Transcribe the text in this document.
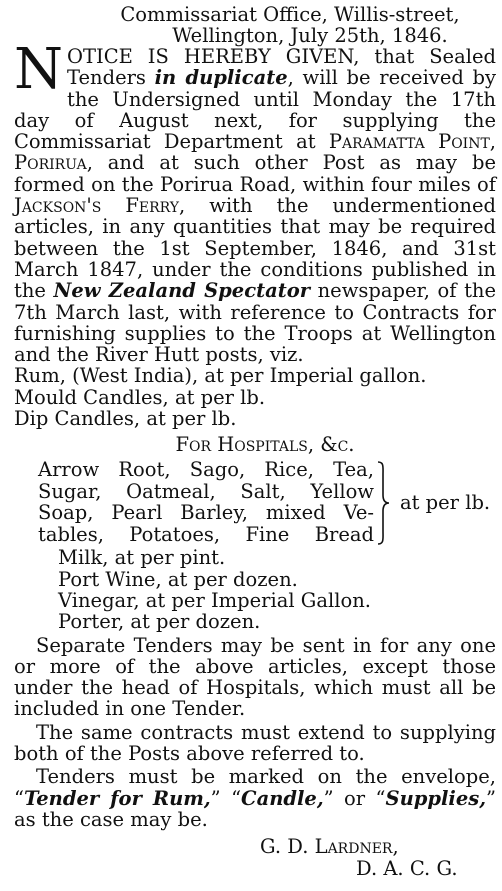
Commissariat Office, Willis-street,
Wellington, July 25th, 1846.

NOTICE IS HEREBY GIVEN, that Sealed Tenders in duplicate, will be received by the Undersigned until Monday the 17th day of August next, for supplying the Commissariat Department at Paramatta Point, Porirua, and at such other Post as may be formed on the Porirua Road, within four miles of Jackson's Ferry, with the undermentioned articles, in any quantities that may be required between the 1st September, 1846, and 31st March 1847, under the conditions published in the New Zealand Spectator newspaper, of the 7th March last, with reference to Contracts for furnishing supplies to the Troops at Wellington and the River Hutt posts, viz.

Rum, (West India), at per Imperial gallon.
Mould Candles, at per lb.
Dip Candles, at per lb.
For Hospitals, &c.
Arrow Root, Sago, Rice, Tea,
Sugar, Oatmeal, Salt, Yellow
Soap, Pearl Barley, mixed Ve-
tables, Potatoes, Fine Bread
at per lb.
Milk, at per pint.
Port Wine, at per dozen.
Vinegar, at per Imperial Gallon.
Porter, at per dozen.

Separate Tenders may be sent in for any one or more of the above articles, except those under the head of Hospitals, which must all be included in one Tender.

The same contracts must extend to supplying both of the Posts above referred to.

Tenders must be marked on the envelope, “Tender for Rum,” “Candle,” or “Supplies,” as the case may be.

G. D. Lardner,
D. A. C. G.
